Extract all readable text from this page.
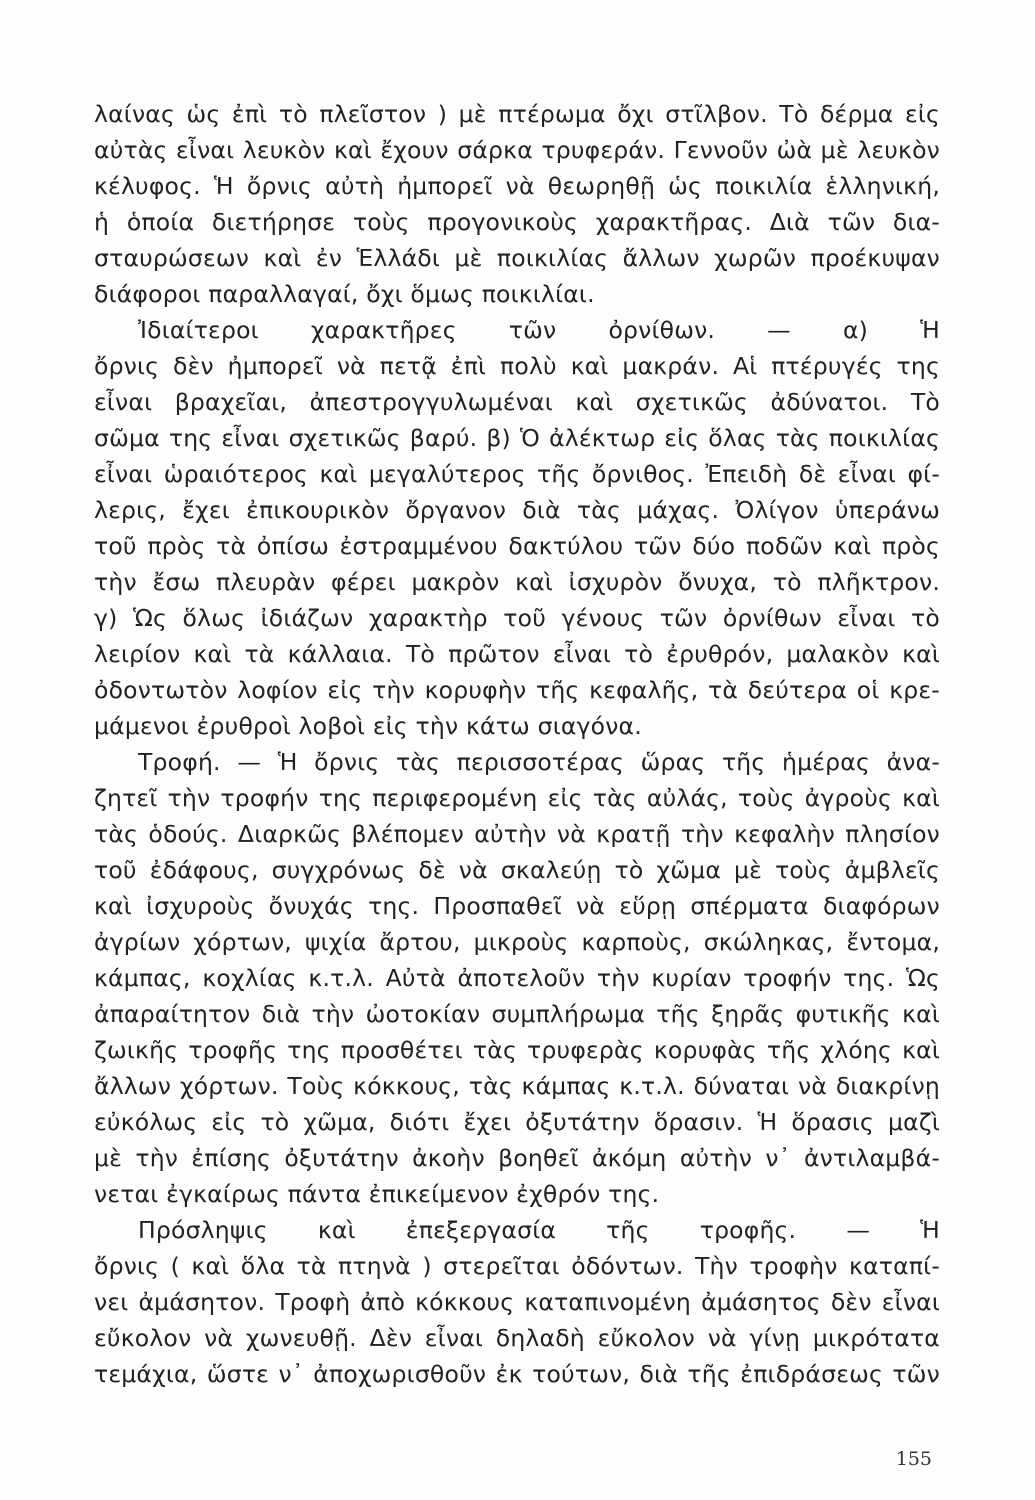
λαίνας ὡς ἐπὶ τὸ πλεῖστον ) μὲ πτέρωμα ὄχι στῖλβον. Τὸ δέρμα εἰς
αὐτὰς εἶναι λευκὸν καὶ ἔχουν σάρκα τρυφεράν. Γεννοῦν ὠὰ μὲ λευκὸν
κέλυφος. Ἡ ὄρνις αὐτὴ ἠμπορεῖ νὰ θεωρηθῇ ὡς ποικιλία ἑλληνική,
ἡ ὁποία διετήρησε τοὺς προγονικοὺς χαρακτῆρας. Διὰ τῶν δια-
σταυρώσεων καὶ ἐν Ἑλλάδι μὲ ποικιλίας ἄλλων χωρῶν προέκυψαν
διάφοροι παραλλαγαί, ὄχι ὅμως ποικιλίαι.
Ἰδιαίτεροι χαρακτῆρες τῶν ὀρνίθων. — α) Ἡ
ὄρνις δὲν ἠμπορεῖ νὰ πετᾷ ἐπὶ πολὺ καὶ μακράν. Αἱ πτέρυγές της
εἶναι βραχεῖαι, ἀπεστρογγυλωμέναι καὶ σχετικῶς ἀδύνατοι. Τὸ
σῶμα της εἶναι σχετικῶς βαρύ. β) Ὁ ἀλέκτωρ εἰς ὅλας τὰς ποικιλίας
εἶναι ὡραιότερος καὶ μεγαλύτερος τῆς ὄρνιθος. Ἐπειδὴ δὲ εἶναι φί-
λερις, ἔχει ἐπικουρικὸν ὄργανον διὰ τὰς μάχας. Ὀλίγον ὑπεράνω
τοῦ πρὸς τὰ ὀπίσω ἐστραμμένου δακτύλου τῶν δύο ποδῶν καὶ πρὸς
τὴν ἔσω πλευρὰν φέρει μακρὸν καὶ ἰσχυρὸν ὄνυχα, τὸ πλῆκτρον.
γ) Ὡς ὅλως ἰδιάζων χαρακτὴρ τοῦ γένους τῶν ὀρνίθων εἶναι τὸ
λειρίον καὶ τὰ κάλλαια. Τὸ πρῶτον εἶναι τὸ ἐρυθρόν, μαλακὸν καὶ
ὀδοντωτὸν λοφίον εἰς τὴν κορυφὴν τῆς κεφαλῆς, τὰ δεύτερα οἱ κρε-
μάμενοι ἐρυθροὶ λοβοὶ εἰς τὴν κάτω σιαγόνα.
Τροφή. — Ἡ ὄρνις τὰς περισσοτέρας ὥρας τῆς ἡμέρας ἀνα-
ζητεῖ τὴν τροφήν της περιφερομένη εἰς τὰς αὐλάς, τοὺς ἀγροὺς καὶ
τὰς ὁδούς. Διαρκῶς βλέπομεν αὐτὴν νὰ κρατῇ τὴν κεφαλὴν πλησίον
τοῦ ἐδάφους, συγχρόνως δὲ νὰ σκαλεύῃ τὸ χῶμα μὲ τοὺς ἀμβλεῖς
καὶ ἰσχυροὺς ὄνυχάς της. Προσπαθεῖ νὰ εὕρῃ σπέρματα διαφόρων
ἀγρίων χόρτων, ψιχία ἄρτου, μικροὺς καρποὺς, σκώληκας, ἔντομα,
κάμπας, κοχλίας κ.τ.λ. Αὐτὰ ἀποτελοῦν τὴν κυρίαν τροφήν της. Ὡς
ἀπαραίτητον διὰ τὴν ὠοτοκίαν συμπλήρωμα τῆς ξηρᾶς φυτικῆς καὶ
ζωικῆς τροφῆς της προσθέτει τὰς τρυφερὰς κορυφὰς τῆς χλόης καὶ
ἄλλων χόρτων. Τοὺς κόκκους, τὰς κάμπας κ.τ.λ. δύναται νὰ διακρίνῃ
εὐκόλως εἰς τὸ χῶμα, διότι ἔχει ὀξυτάτην ὅρασιν. Ἡ ὅρασις μαζὶ
μὲ τὴν ἐπίσης ὀξυτάτην ἀκοὴν βοηθεῖ ἀκόμη αὐτὴν ν᾽ ἀντιλαμβά-
νεται ἐγκαίρως πάντα ἐπικείμενον ἐχθρόν της.
Πρόσληψις καὶ ἐπεξεργασία τῆς τροφῆς. — Ἡ
ὄρνις ( καὶ ὅλα τὰ πτηνὰ ) στερεῖται ὀδόντων. Τὴν τροφὴν καταπί-
νει ἀμάσητον. Τροφὴ ἀπὸ κόκκους καταπινομένη ἀμάσητος δὲν εἶναι
εὔκολον νὰ χωνευθῇ. Δὲν εἶναι δηλαδὴ εὔκολον νὰ γίνῃ μικρότατα
τεμάχια, ὥστε ν᾽ ἀποχωρισθοῦν ἐκ τούτων, διὰ τῆς ἐπιδράσεως τῶν
155
